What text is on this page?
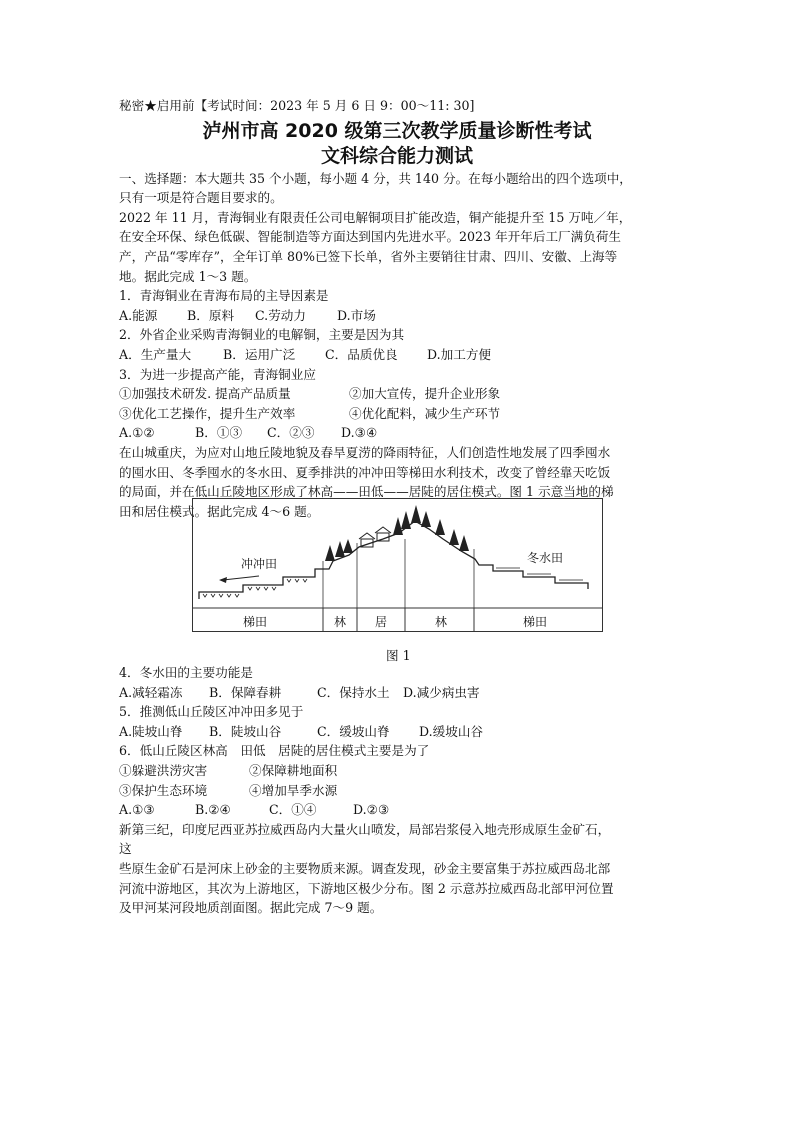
秘密★启用前【考试时间：2023 年 5 月 6 日 9：00～11: 30]
泸州市高 2020 级第三次教学质量诊断性考试
文科综合能力测试
一、选择题：本大题共 35 个小题，每小题 4 分，共 140 分。在每小题给出的四个选项中，
只有一项是符合题目要求的。
2022 年 11 月，青海铜业有限责任公司电解铜项目扩能改造，铜产能提升至 15 万吨／年，
在安全环保、绿色低碳、智能制造等方面达到国内先进水平。2023 年开年后工厂满负荷生
产，产品“零库存”，全年订单 80%已签下长单，省外主要销往甘肃、四川、安徽、上海等
地。据此完成 1～3 题。
1．青海铜业在青海布局的主导因素是
A.能源	B．原料	C.劳动力	D.市场
2．外省企业采购青海铜业的电解铜，主要是因为其
A．生产量大	B．运用广泛	C．品质优良	D.加工方便
3．为进一步提高产能，青海铜业应
①加强技术研发. 提高产品质量	②加大宣传，提升企业形象
③优化工艺操作，提升生产效率	④优化配料，减少生产环节
A.①②	B．①③	C．②③	D.③④
在山城重庆，为应对山地丘陵地貌及春旱夏涝的降雨特征，人们创造性地发展了四季囤水
的囤水田、冬季囤水的冬水田、夏季排洪的冲冲田等梯田水利技术，改变了曾经靠天吃饭
的局面，并在低山丘陵地区形成了林高——田低——居陡的居住模式。图 1 示意当地的梯
田和居住模式。据此完成 4～6 题。
冲冲田	冬水田
梯田	林 居	林	梯田
图 1
4．冬水田的主要功能是
A.减轻霜冻	B．保障春耕	C．保持水土	D.减少病虫害
5．推测低山丘陵区冲冲田多见于
A.陡坡山脊	B．陡坡山谷	C．缓坡山脊	D.缓坡山谷
6．低山丘陵区林高　田低　居陡的居住模式主要是为了
①躲避洪涝灾害	②保障耕地面积
③保护生态环境	④增加旱季水源
A.①③	B.②④	C．①④	D.②③
新第三纪，印度尼西亚苏拉威西岛内大量火山喷发，局部岩浆侵入地壳形成原生金矿石，
这
些原生金矿石是河床上砂金的主要物质来源。调查发现，砂金主要富集于苏拉威西岛北部
河流中游地区，其次为上游地区，下游地区极少分布。图 2 示意苏拉威西岛北部甲河位置
及甲河某河段地质剖面图。据此完成 7～9 题。
